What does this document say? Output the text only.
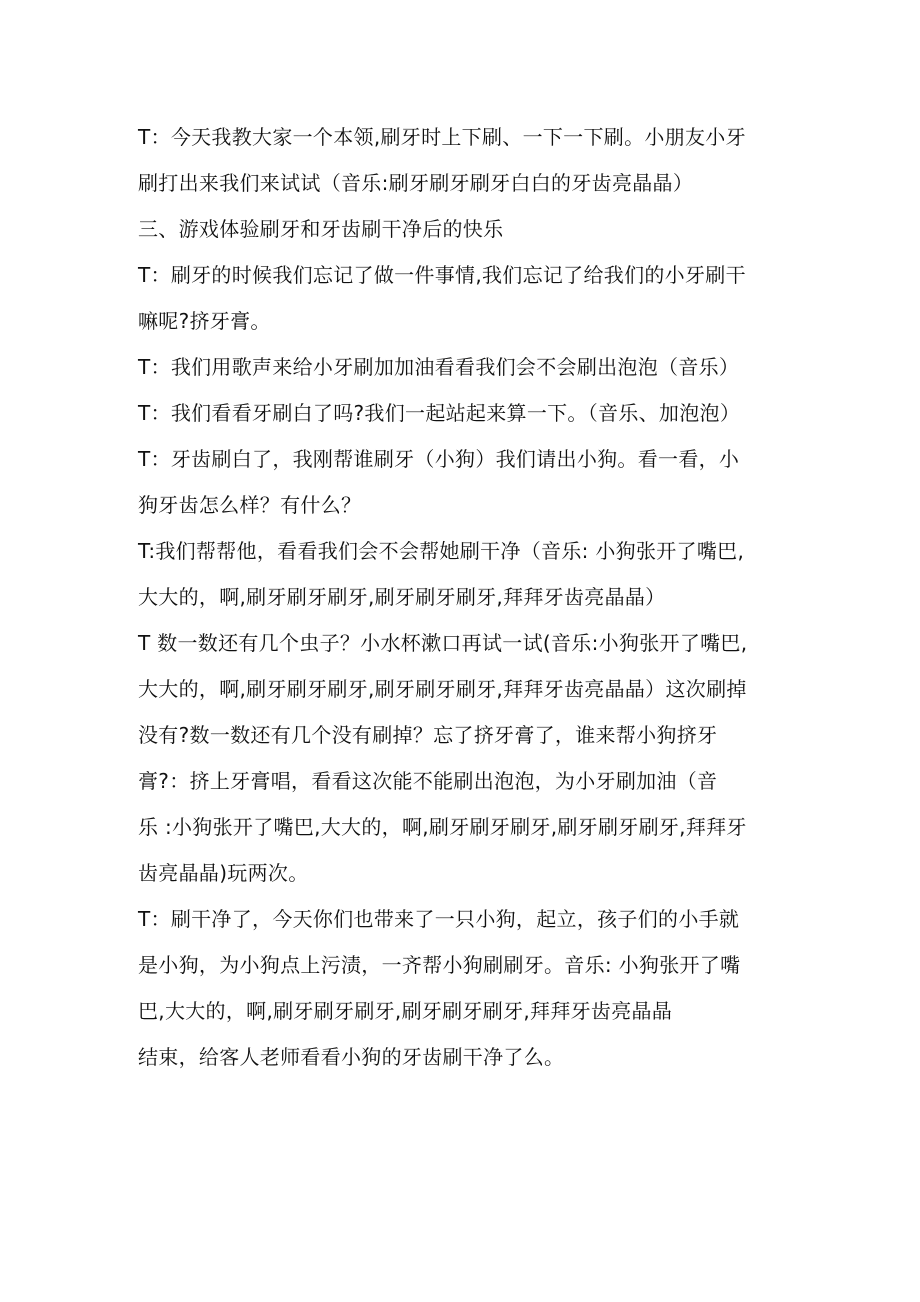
T：今天我教大家一个本领,刷牙时上下刷、一下一下刷。小朋友小牙
刷打出来我们来试试（音乐:刷牙刷牙刷牙白白的牙齿亮晶晶）
三、游戏体验刷牙和牙齿刷干净后的快乐
T：刷牙的时候我们忘记了做一件事情,我们忘记了给我们的小牙刷干
嘛呢?挤牙膏。
T：我们用歌声来给小牙刷加加油看看我们会不会刷出泡泡（音乐）
T：我们看看牙刷白了吗?我们一起站起来算一下。（音乐、加泡泡）
T：牙齿刷白了，我刚帮谁刷牙（小狗）我们请出小狗。看一看，小
狗牙齿怎么样？有什么？
T:我们帮帮他，看看我们会不会帮她刷干净（音乐: 小狗张开了嘴巴,
大大的，啊,刷牙刷牙刷牙,刷牙刷牙刷牙,拜拜牙齿亮晶晶）
T 数一数还有几个虫子？小水杯漱口再试一试(音乐:小狗张开了嘴巴,
大大的，啊,刷牙刷牙刷牙,刷牙刷牙刷牙,拜拜牙齿亮晶晶）这次刷掉
没有?数一数还有几个没有刷掉？忘了挤牙膏了，谁来帮小狗挤牙
膏?：挤上牙膏唱，看看这次能不能刷出泡泡，为小牙刷加油（音
乐 :小狗张开了嘴巴,大大的，啊,刷牙刷牙刷牙,刷牙刷牙刷牙,拜拜牙
齿亮晶晶)玩两次。
T：刷干净了，今天你们也带来了一只小狗，起立，孩子们的小手就
是小狗，为小狗点上污渍，一齐帮小狗刷刷牙。音乐: 小狗张开了嘴
巴,大大的，啊,刷牙刷牙刷牙,刷牙刷牙刷牙,拜拜牙齿亮晶晶
结束，给客人老师看看小狗的牙齿刷干净了么。
